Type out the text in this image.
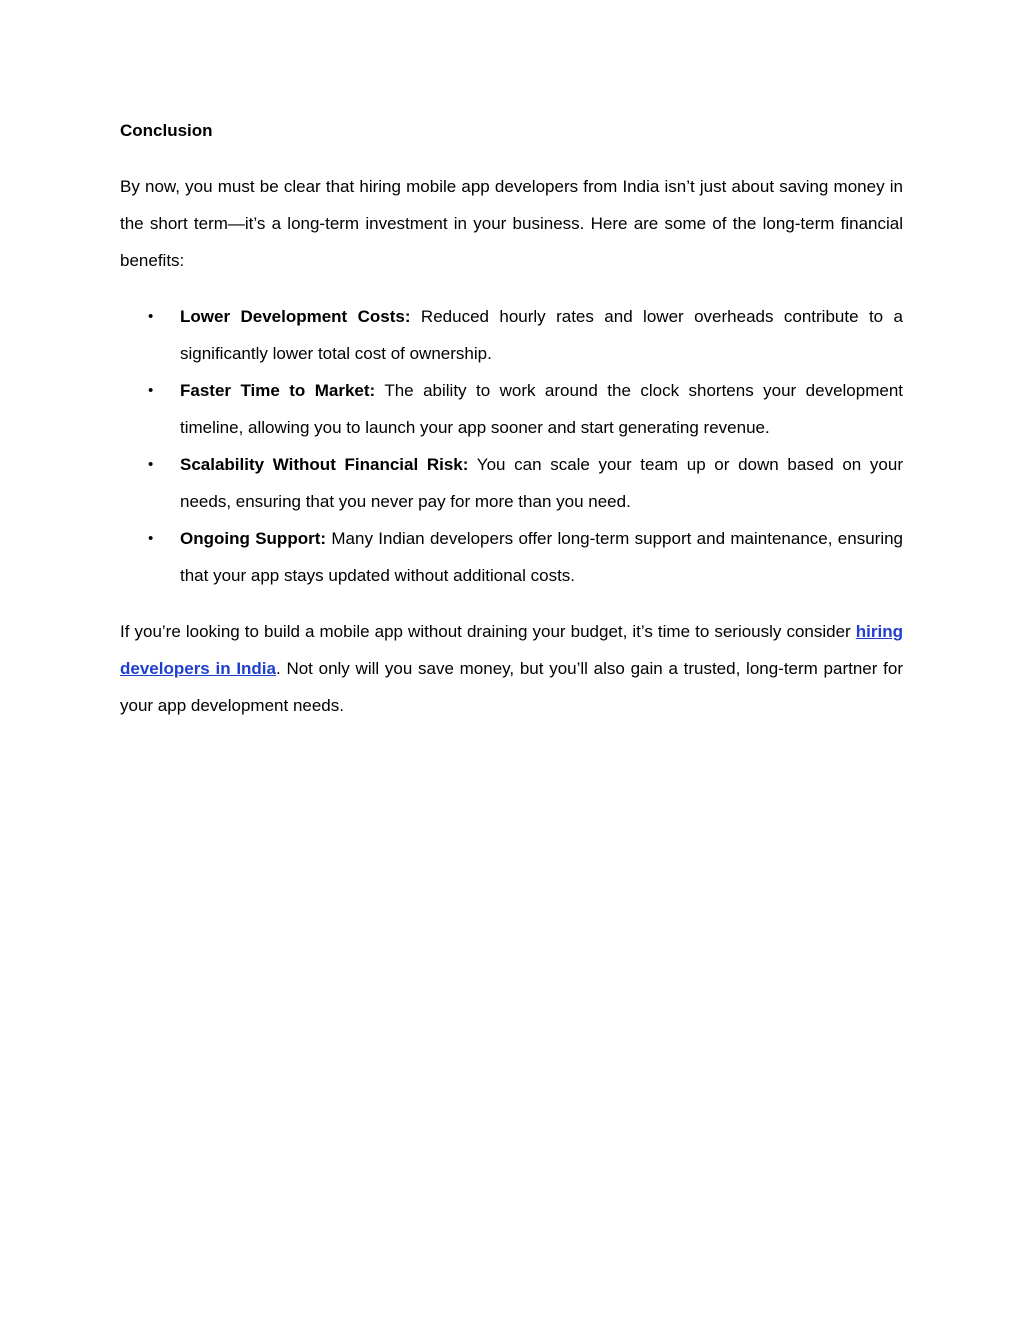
Conclusion

By now, you must be clear that hiring mobile app developers from India isn’t just about saving money in the short term—it’s a long-term investment in your business. Here are some of the long-term financial benefits:

• Lower Development Costs: Reduced hourly rates and lower overheads contribute to a significantly lower total cost of ownership.
• Faster Time to Market: The ability to work around the clock shortens your development timeline, allowing you to launch your app sooner and start generating revenue.
• Scalability Without Financial Risk: You can scale your team up or down based on your needs, ensuring that you never pay for more than you need.
• Ongoing Support: Many Indian developers offer long-term support and maintenance, ensuring that your app stays updated without additional costs.

If you’re looking to build a mobile app without draining your budget, it’s time to seriously consider hiring developers in India. Not only will you save money, but you’ll also gain a trusted, long-term partner for your app development needs.
